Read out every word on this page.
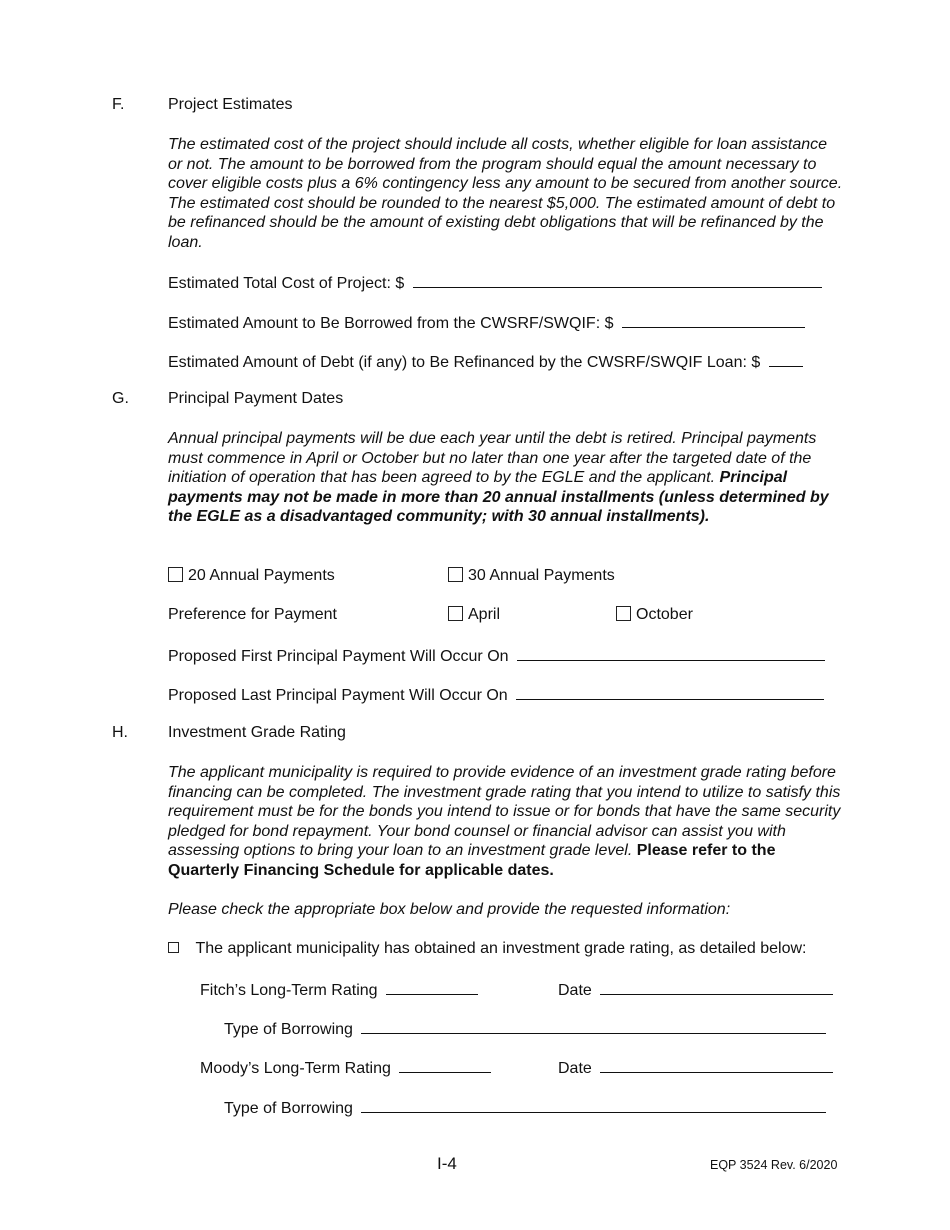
F.	Project Estimates
The estimated cost of the project should include all costs, whether eligible for loan assistance or not. The amount to be borrowed from the program should equal the amount necessary to cover eligible costs plus a 6% contingency less any amount to be secured from another source. The estimated cost should be rounded to the nearest $5,000. The estimated amount of debt to be refinanced should be the amount of existing debt obligations that will be refinanced by the loan.
Estimated Total Cost of Project: $
Estimated Amount to Be Borrowed from the CWSRF/SWQIF: $
Estimated Amount of Debt (if any) to Be Refinanced by the CWSRF/SWQIF Loan: $
G. Principal Payment Dates
Annual principal payments will be due each year until the debt is retired. Principal payments must commence in April or October but no later than one year after the targeted date of the initiation of operation that has been agreed to by the EGLE and the applicant. Principal payments may not be made in more than 20 annual installments (unless determined by the EGLE as a disadvantaged community; with 30 annual installments).
20 Annual Payments	30 Annual Payments
Preference for Payment	April	October
Proposed First Principal Payment Will Occur On
Proposed Last Principal Payment Will Occur On
H.	Investment Grade Rating
The applicant municipality is required to provide evidence of an investment grade rating before financing can be completed. The investment grade rating that you intend to utilize to satisfy this requirement must be for the bonds you intend to issue or for bonds that have the same security pledged for bond repayment. Your bond counsel or financial advisor can assist you with assessing options to bring your loan to an investment grade level. Please refer to the Quarterly Financing Schedule for applicable dates.
Please check the appropriate box below and provide the requested information:
The applicant municipality has obtained an investment grade rating, as detailed below:
Fitch’s Long-Term Rating	Date
Type of Borrowing
Moody’s Long-Term Rating	Date
Type of Borrowing
I-4	EQP 3524 Rev. 6/2020
